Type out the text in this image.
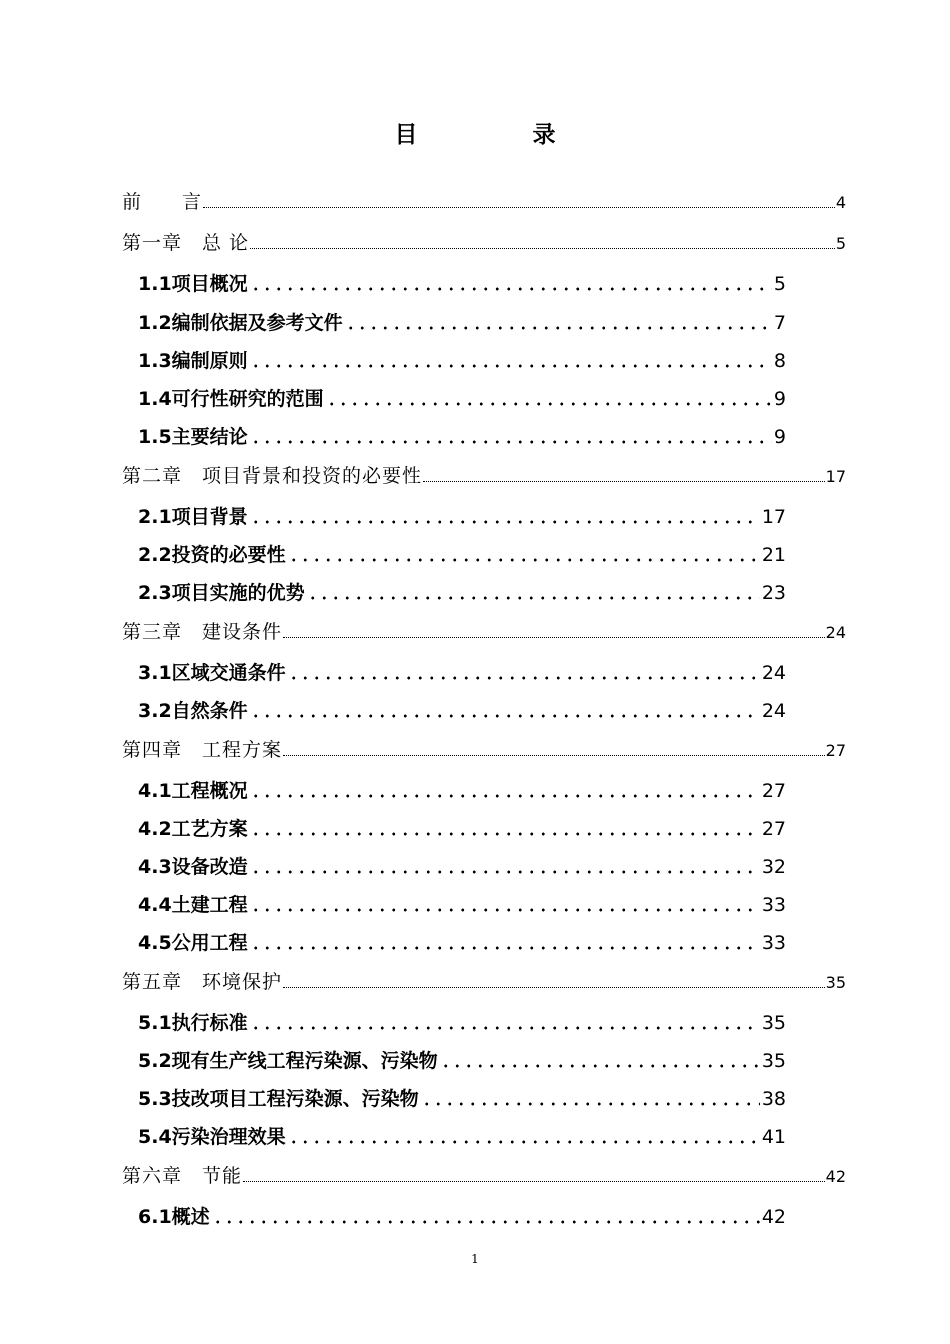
目　录
前　　言	4
第一章　总 论	5
1.1项目概况	5
1.2编制依据及参考文件	7
1.3编制原则	8
1.4可行性研究的范围	9
1.5主要结论	9
第二章　项目背景和投资的必要性	17
2.1项目背景	17
2.2投资的必要性	21
2.3项目实施的优势	23
第三章　建设条件	24
3.1区域交通条件	24
3.2自然条件	24
第四章　工程方案	27
4.1工程概况	27
4.2工艺方案	27
4.3设备改造	32
4.4土建工程	33
4.5公用工程	33
第五章　环境保护	35
5.1执行标准	35
5.2现有生产线工程污染源、污染物	35
5.3技改项目工程污染源、污染物	38
5.4污染治理效果	41
第六章　节能	42
6.1概述	42
1
